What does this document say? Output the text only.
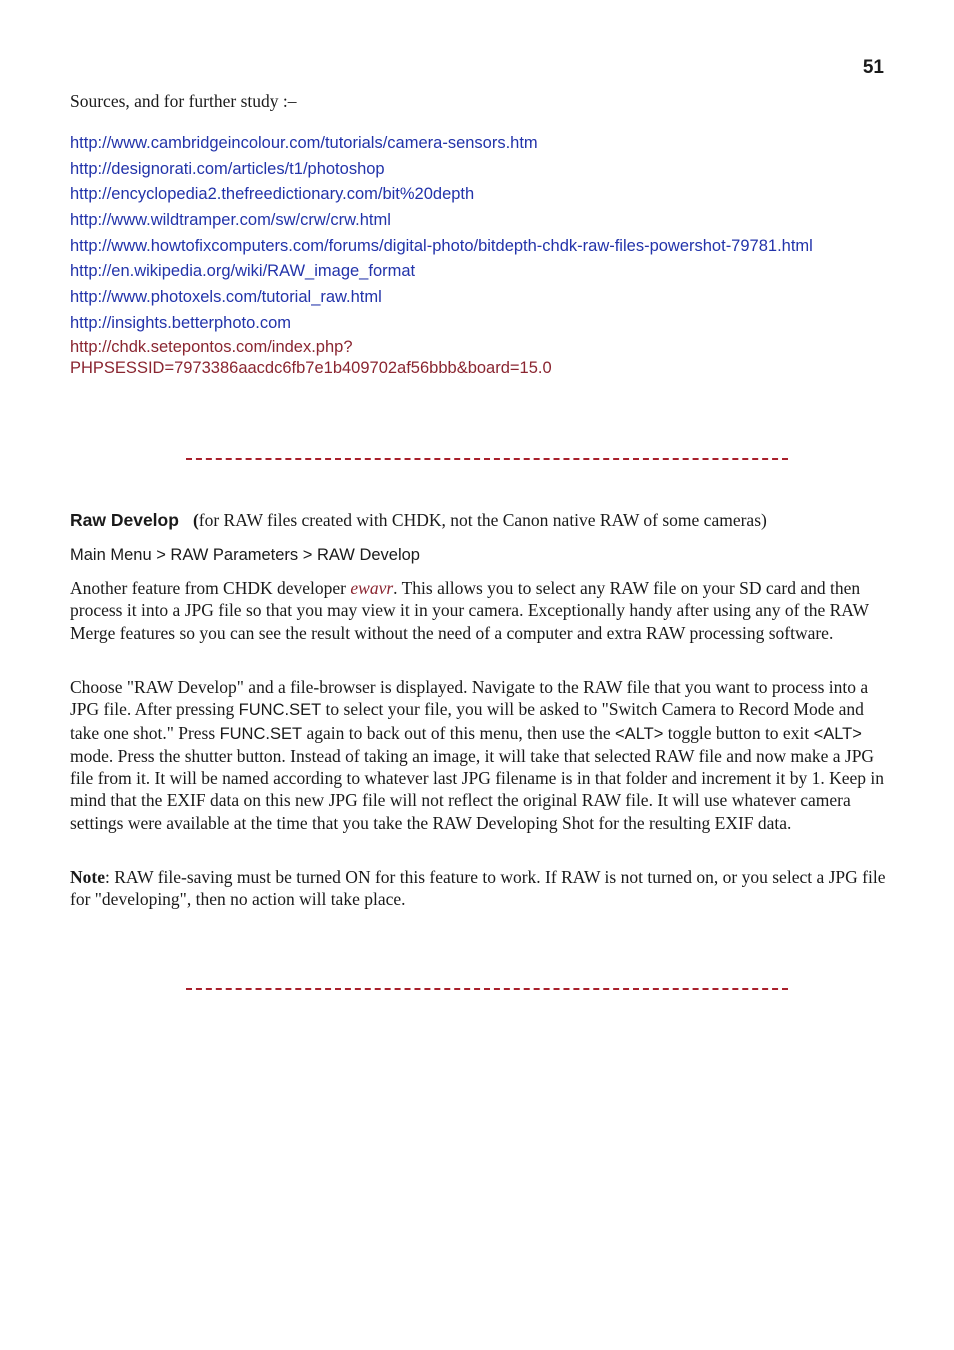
51
Sources, and for further study :–
http://www.cambridgeincolour.com/tutorials/camera-sensors.htm
http://designorati.com/articles/t1/photoshop
http://encyclopedia2.thefreedictionary.com/bit%20depth
http://www.wildtramper.com/sw/crw/crw.html
http://www.howtofixcomputers.com/forums/digital-photo/bitdepth-chdk-raw-files-powershot-79781.html
http://en.wikipedia.org/wiki/RAW_image_format
http://www.photoxels.com/tutorial_raw.html
http://insights.betterphoto.com
http://chdk.setepontos.com/index.php?
PHPSESSID=7973386aacdc6fb7e1b409702af56bbb&board=15.0
Raw Develop (for RAW files created with CHDK, not the Canon native RAW of some cameras)
Main Menu > RAW Parameters > RAW Develop
Another feature from CHDK developer ewavr. This allows you to select any RAW file on your SD card and then process it into a JPG file so that you may view it in your camera. Exceptionally handy after using any of the RAW Merge features so you can see the result without the need of a computer and extra RAW processing software.
Choose "RAW Develop" and a file-browser is displayed. Navigate to the RAW file that you want to process into a JPG file. After pressing FUNC.SET to select your file, you will be asked to "Switch Camera to Record Mode and take one shot." Press FUNC.SET again to back out of this menu, then use the <ALT> toggle button to exit <ALT> mode. Press the shutter button. Instead of taking an image, it will take that selected RAW file and now make a JPG file from it. It will be named according to whatever last JPG filename is in that folder and increment it by 1. Keep in mind that the EXIF data on this new JPG file will not reflect the original RAW file. It will use whatever camera settings were available at the time that you take the RAW Developing Shot for the resulting EXIF data.
Note: RAW file-saving must be turned ON for this feature to work. If RAW is not turned on, or you select a JPG file for "developing", then no action will take place.
